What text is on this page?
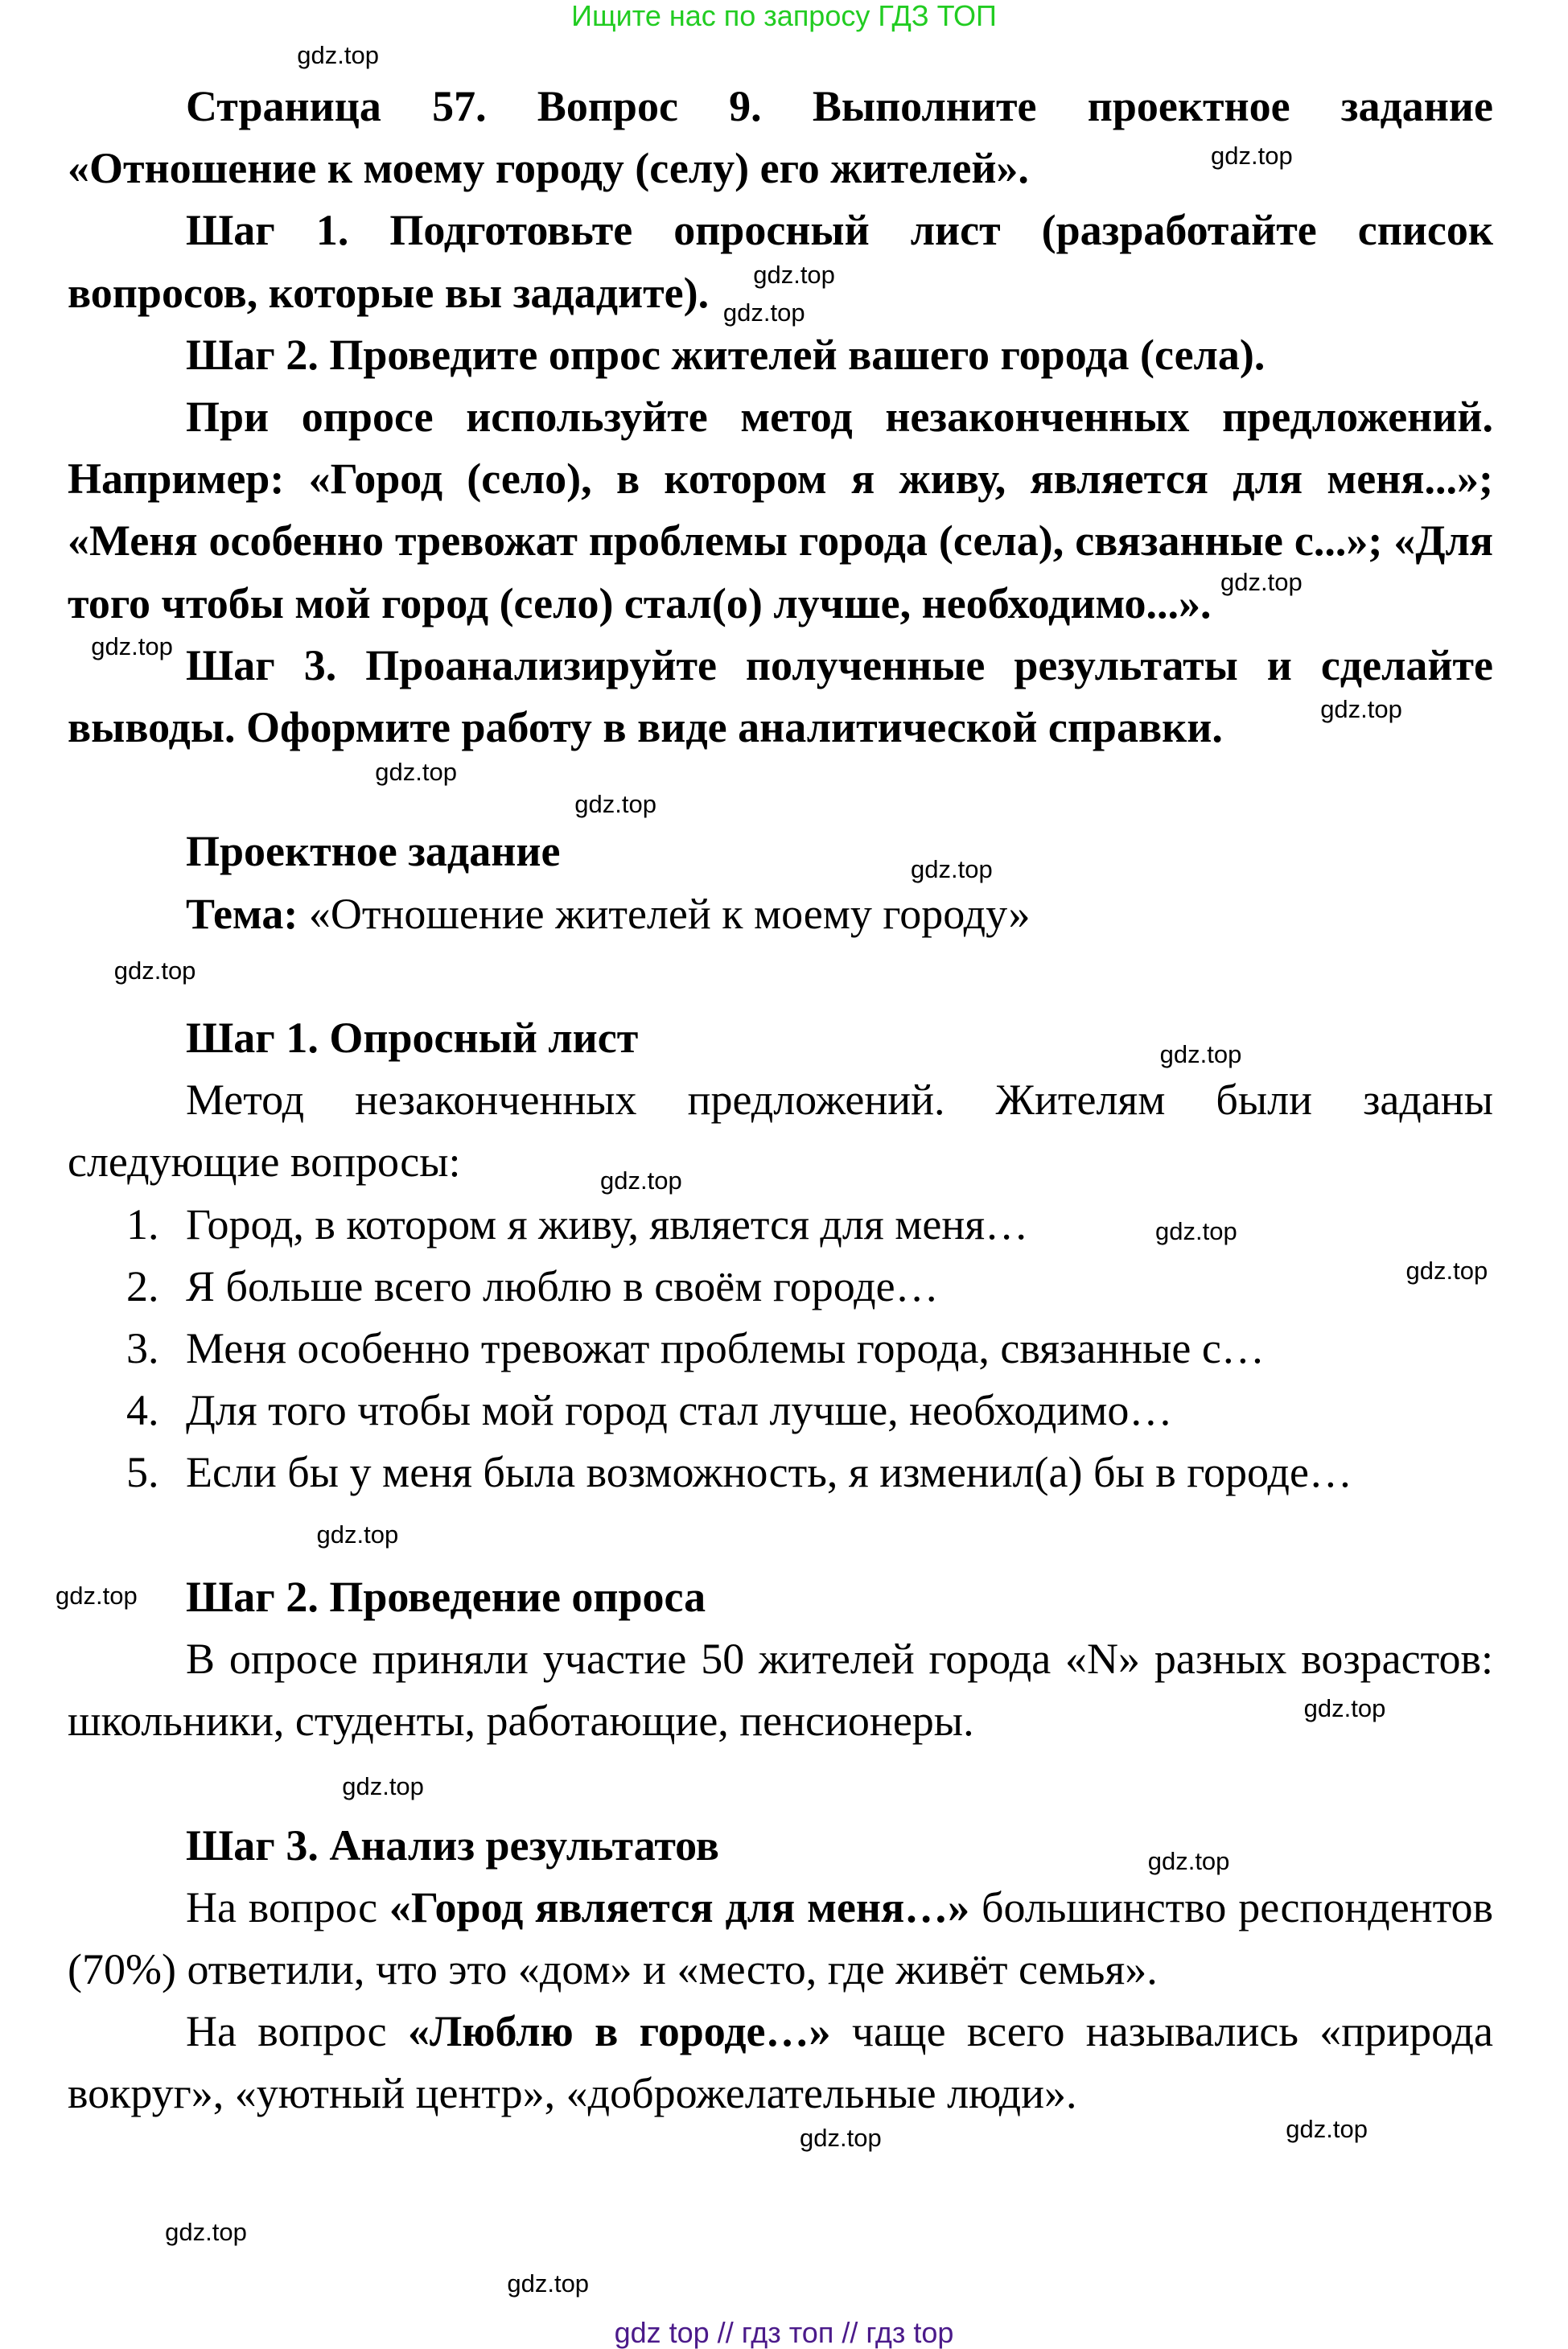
Ищите нас по запросу ГДЗ ТОП

Страница 57. Вопрос 9. Выполните проектное задание «Отношение к моему городу (селу) его жителей».

Шаг 1. Подготовьте опросный лист (разработайте список вопросов, которые вы зададите).

Шаг 2. Проведите опрос жителей вашего города (села).

При опросе используйте метод незаконченных предложений. Например: «Город (село), в котором я живу, является для меня...»; «Меня особенно тревожат проблемы города (села), связанные с...»; «Для того чтобы мой город (село) стал(о) лучше, необходимо...».

Шаг 3. Проанализируйте полученные результаты и сделайте выводы. Оформите работу в виде аналитической справки.

Проектное задание

Тема: «Отношение жителей к моему городу»

Шаг 1. Опросный лист

Метод незаконченных предложений. Жителям были заданы следующие вопросы:

1. Город, в котором я живу, является для меня…

2. Я больше всего люблю в своём городе…

3. Меня особенно тревожат проблемы города, связанные с…

4. Для того чтобы мой город стал лучше, необходимо…

5. Если бы у меня была возможность, я изменил(а) бы в городе…

Шаг 2. Проведение опроса

В опросе приняли участие 50 жителей города «N» разных возрастов: школьники, студенты, работающие, пенсионеры.

Шаг 3. Анализ результатов

На вопрос «Город является для меня…» большинство респондентов (70%) ответили, что это «дом» и «место, где живёт семья».

На вопрос «Люблю в городе…» чаще всего назывались «природа вокруг», «уютный центр», «доброжелательные люди».

gdz.top
gdz.top
gdz.top
gdz.top
gdz.top
gdz.top
gdz.top
gdz.top
gdz.top
gdz.top
gdz.top
gdz.top
gdz.top
gdz.top
gdz.top
gdz.top
gdz.top
gdz.top
gdz.top
gdz.top
gdz.top	gdz.top
gdz.top
gdz.top
gdz top // гдз топ // гдз top
